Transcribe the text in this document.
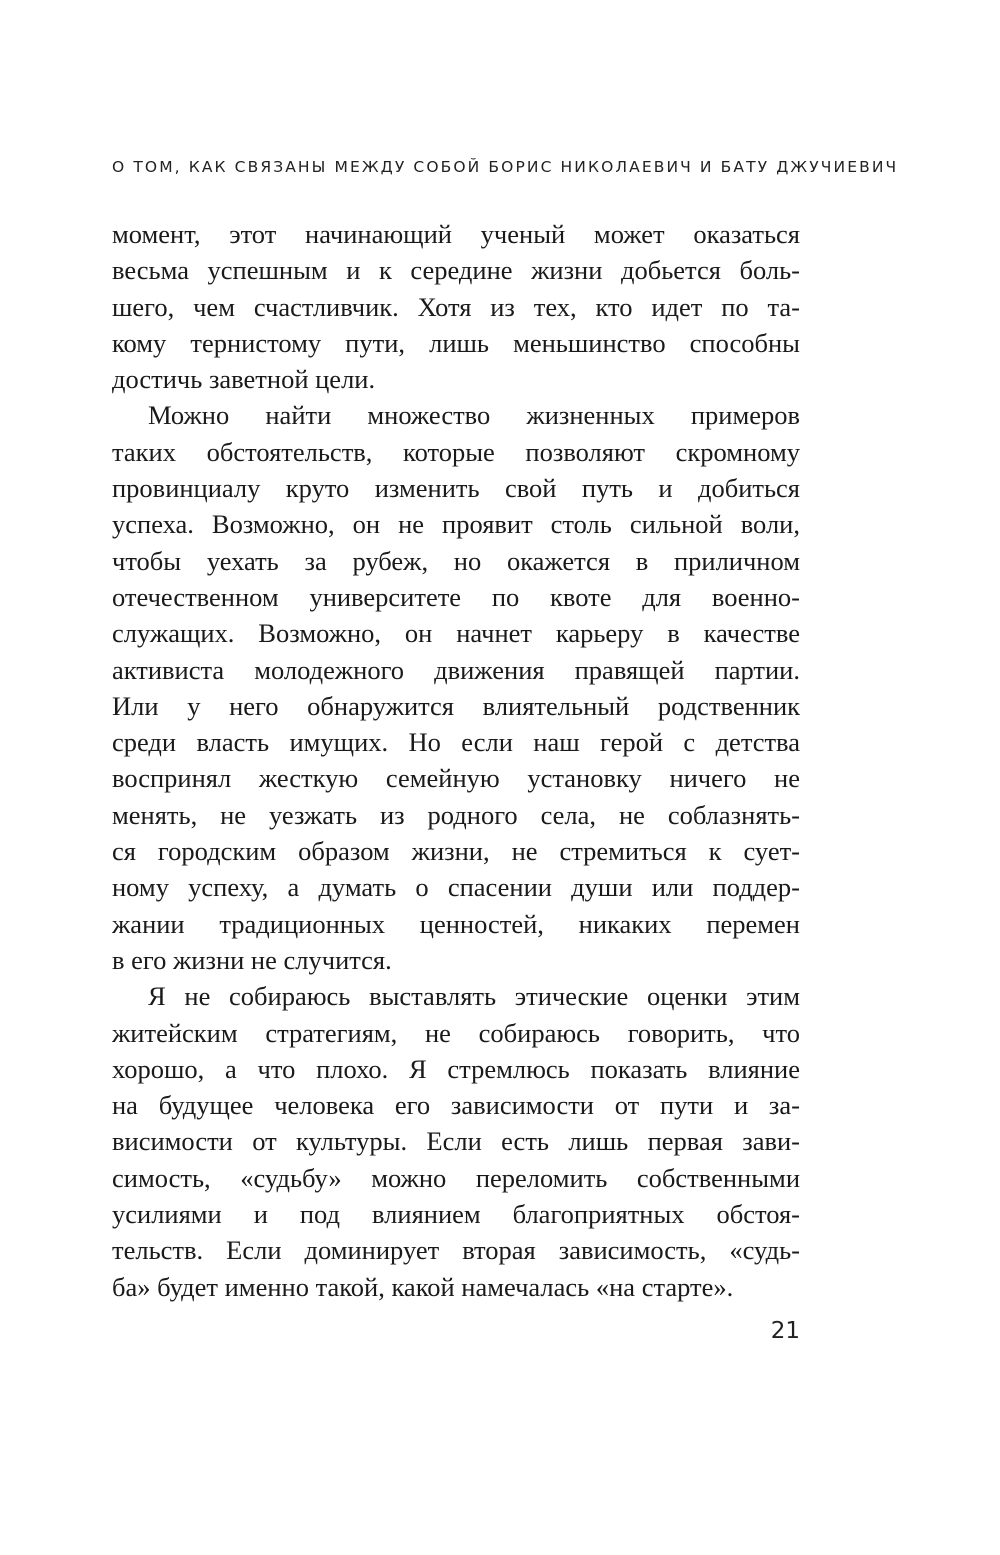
О ТОМ, КАК СВЯЗАНЫ МЕЖДУ СОБОЙ БОРИС НИКОЛАЕВИЧ И БАТУ ДЖУЧИЕВИЧ
момент, этот начинающий ученый может оказаться
весьма успешным и к середине жизни добьется боль-
шего, чем счастливчик. Хотя из тех, кто идет по та-
кому тернистому пути, лишь меньшинство способны
достичь заветной цели.
Можно найти множество жизненных примеров
таких обстоятельств, которые позволяют скромному
провинциалу круто изменить свой путь и добиться
успеха. Возможно, он не проявит столь сильной воли,
чтобы уехать за рубеж, но окажется в приличном
отечественном университете по квоте для военно-
служащих. Возможно, он начнет карьеру в качестве
активиста молодежного движения правящей партии.
Или у него обнаружится влиятельный родственник
среди власть имущих. Но если наш герой с детства
воспринял жесткую семейную установку ничего не
менять, не уезжать из родного села, не соблазнять-
ся городским образом жизни, не стремиться к сует-
ному успеху, а думать о спасении души или поддер-
жании традиционных ценностей, никаких перемен
в его жизни не случится.
Я не собираюсь выставлять этические оценки этим
житейским стратегиям, не собираюсь говорить, что
хорошо, а что плохо. Я стремлюсь показать влияние
на будущее человека его зависимости от пути и за-
висимости от культуры. Если есть лишь первая зави-
симость, «судьбу» можно переломить собственными
усилиями и под влиянием благоприятных обстоя-
тельств. Если доминирует вторая зависимость, «судь-
ба» будет именно такой, какой намечалась «на старте».
21
